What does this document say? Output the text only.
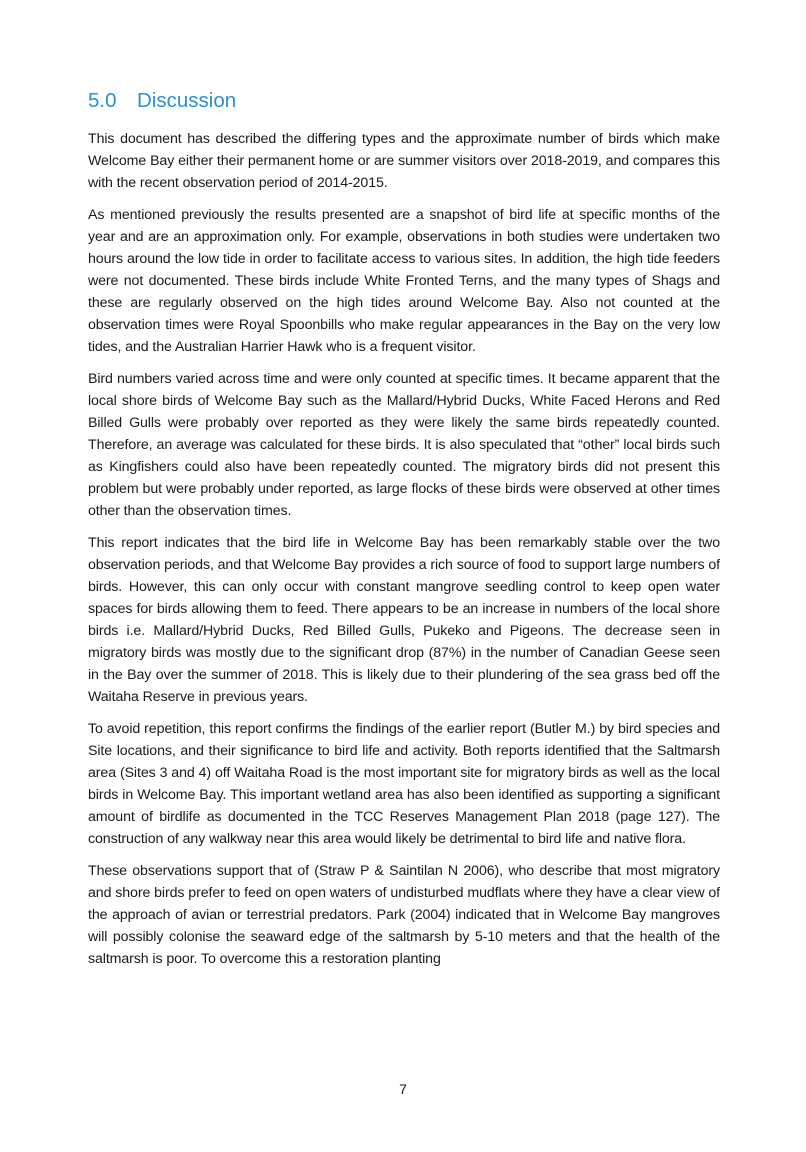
5.0 Discussion

This document has described the differing types and the approximate number of birds which make Welcome Bay either their permanent home or are summer visitors over 2018-2019, and compares this with the recent observation period of 2014-2015.

As mentioned previously the results presented are a snapshot of bird life at specific months of the year and are an approximation only. For example, observations in both studies were undertaken two hours around the low tide in order to facilitate access to various sites. In addition, the high tide feeders were not documented. These birds include White Fronted Terns, and the many types of Shags and these are regularly observed on the high tides around Welcome Bay. Also not counted at the observation times were Royal Spoonbills who make regular appearances in the Bay on the very low tides, and the Australian Harrier Hawk who is a frequent visitor.

Bird numbers varied across time and were only counted at specific times. It became apparent that the local shore birds of Welcome Bay such as the Mallard/Hybrid Ducks, White Faced Herons and Red Billed Gulls were probably over reported as they were likely the same birds repeatedly counted. Therefore, an average was calculated for these birds. It is also speculated that “other” local birds such as Kingfishers could also have been repeatedly counted. The migratory birds did not present this problem but were probably under reported, as large flocks of these birds were observed at other times other than the observation times.

This report indicates that the bird life in Welcome Bay has been remarkably stable over the two observation periods, and that Welcome Bay provides a rich source of food to support large numbers of birds. However, this can only occur with constant mangrove seedling control to keep open water spaces for birds allowing them to feed. There appears to be an increase in numbers of the local shore birds i.e. Mallard/Hybrid Ducks, Red Billed Gulls, Pukeko and Pigeons. The decrease seen in migratory birds was mostly due to the significant drop (87%) in the number of Canadian Geese seen in the Bay over the summer of 2018. This is likely due to their plundering of the sea grass bed off the Waitaha Reserve in previous years.

To avoid repetition, this report confirms the findings of the earlier report (Butler M.) by bird species and Site locations, and their significance to bird life and activity. Both reports identified that the Saltmarsh area (Sites 3 and 4) off Waitaha Road is the most important site for migratory birds as well as the local birds in Welcome Bay. This important wetland area has also been identified as supporting a significant amount of birdlife as documented in the TCC Reserves Management Plan 2018 (page 127). The construction of any walkway near this area would likely be detrimental to bird life and native flora.

These observations support that of (Straw P & Saintilan N 2006), who describe that most migratory and shore birds prefer to feed on open waters of undisturbed mudflats where they have a clear view of the approach of avian or terrestrial predators. Park (2004) indicated that in Welcome Bay mangroves will possibly colonise the seaward edge of the saltmarsh by 5-10 meters and that the health of the saltmarsh is poor. To overcome this a restoration planting

7
